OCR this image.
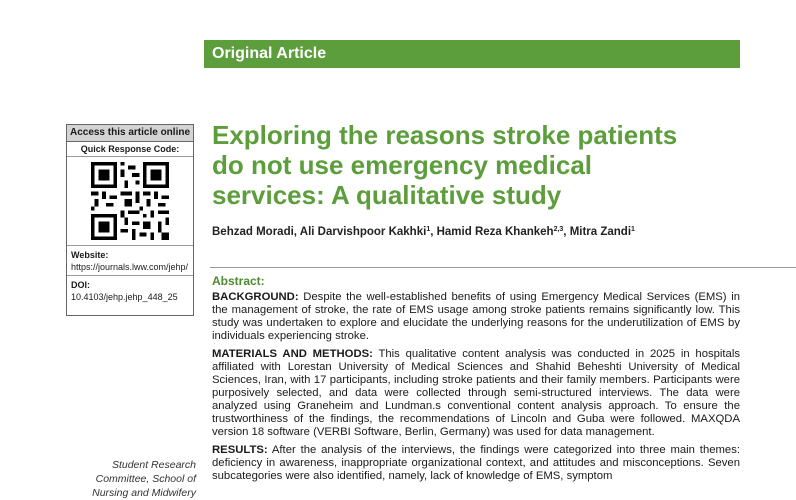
Original Article
Access this article online
Quick Response Code:
Website:
https://journals.lww.com/jehp/
DOI:
10.4103/jehp.jehp_448_25
Exploring the reasons stroke patients do not use emergency medical services: A qualitative study
Behzad Moradi, Ali Darvishpoor Kakhki$^1$, Hamid Reza Khankeh$^{2,3}$, Mitra Zandi$^1$
Abstract:

BACKGROUND: Despite the well-established benefits of using Emergency Medical Services (EMS) in the management of stroke, the rate of EMS usage among stroke patients remains significantly low. This study was undertaken to explore and elucidate the underlying reasons for the underutilization of EMS by individuals experiencing stroke.

MATERIALS AND METHODS: This qualitative content analysis was conducted in 2025 in hospitals affiliated with Lorestan University of Medical Sciences and Shahid Beheshti University of Medical Sciences, Iran, with 17 participants, including stroke patients and their family members. Participants were purposively selected, and data were collected through semi-structured interviews. The data were analyzed using Graneheim and Lundman.s conventional content analysis approach. To ensure the trustworthiness of the findings, the recommendations of Lincoln and Guba were followed. MAXQDA version 18 software (VERBI Software, Berlin, Germany) was used for data management.

RESULTS: After the analysis of the interviews, the findings were categorized into three main themes: deficiency in awareness, inappropriate organizational context, and attitudes and misconceptions. Seven subcategories were also identified, namely, lack of knowledge of EMS, symptom

Student Research Committee, School of Nursing and Midwifery
